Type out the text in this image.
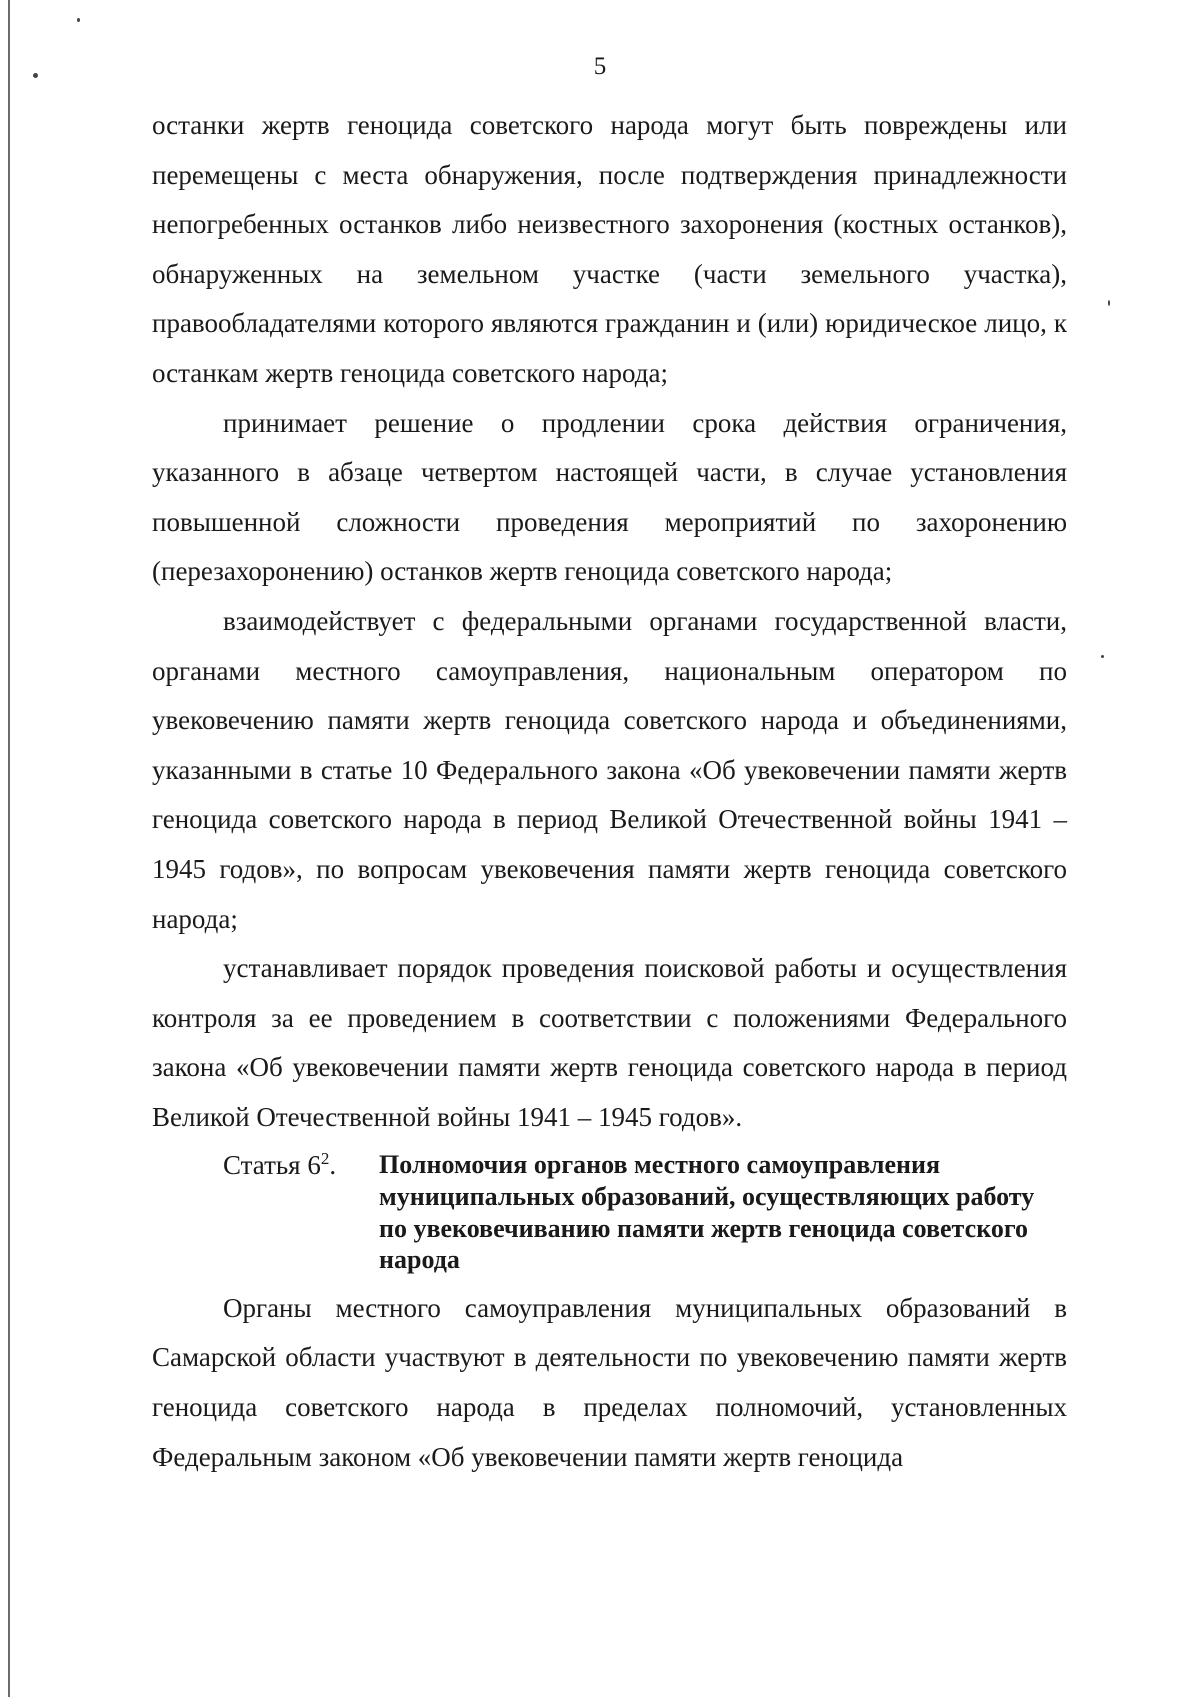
5

останки жертв геноцида советского народа могут быть повреждены или перемещены с места обнаружения, после подтверждения принадлежности непогребенных останков либо неизвестного захоронения (костных останков), обнаруженных на земельном участке (части земельного участка), правообладателями которого являются гражданин и (или) юридическое лицо, к останкам жертв геноцида советского народа;

принимает решение о продлении срока действия ограничения, указанного в абзаце четвертом настоящей части, в случае установления повышенной сложности проведения мероприятий по захоронению (перезахоронению) останков жертв геноцида советского народа;

взаимодействует с федеральными органами государственной власти, органами местного самоуправления, национальным оператором по увековечению памяти жертв геноцида советского народа и объединениями, указанными в статье 10 Федерального закона «Об увековечении памяти жертв геноцида советского народа в период Великой Отечественной войны 1941 – 1945 годов», по вопросам увековечения памяти жертв геноцида советского народа;

устанавливает порядок проведения поисковой работы и осуществления контроля за ее проведением в соответствии с положениями Федерального закона «Об увековечении памяти жертв геноцида советского народа в период Великой Отечественной войны 1941 – 1945 годов».

Статья $6^2$.	Полномочия органов местного самоуправления муниципальных образований, осуществляющих работу по увековечиванию памяти жертв геноцида советского народа

Органы местного самоуправления муниципальных образований в Самарской области участвуют в деятельности по увековечению памяти жертв геноцида советского народа в пределах полномочий, установленных Федеральным законом «Об увековечении памяти жертв геноцида
